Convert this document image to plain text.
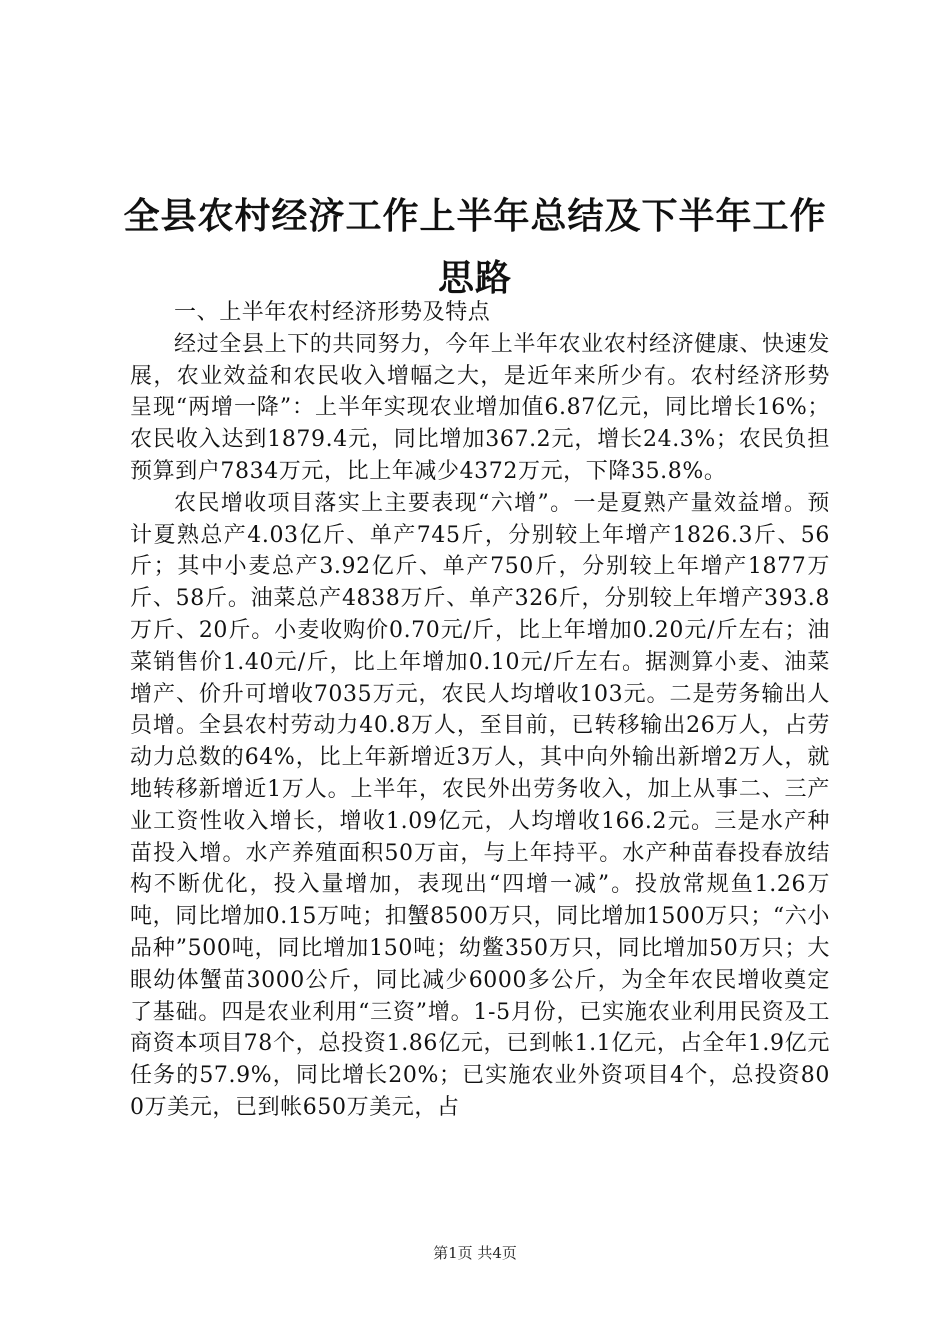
全县农村经济工作上半年总结及下半年工作思路

一、上半年农村经济形势及特点

经过全县上下的共同努力，今年上半年农业农村经济健康、快速发展，农业效益和农民收入增幅之大，是近年来所少有。农村经济形势呈现“两增一降”：上半年实现农业增加值6.87亿元，同比增长16%；农民收入达到1879.4元，同比增加367.2元，增长24.3%；农民负担预算到户7834万元，比上年减少4372万元，下降35.8%。

农民增收项目落实上主要表现“六增”。一是夏熟产量效益增。预计夏熟总产4.03亿斤、单产745斤，分别较上年增产1826.3斤、56斤；其中小麦总产3.92亿斤、单产750斤，分别较上年增产1877万斤、58斤。油菜总产4838万斤、单产326斤，分别较上年增产393.8万斤、20斤。小麦收购价0.70元/斤，比上年增加0.20元/斤左右；油菜销售价1.40元/斤，比上年增加0.10元/斤左右。据测算小麦、油菜增产、价升可增收7035万元，农民人均增收103元。二是劳务输出人员增。全县农村劳动力40.8万人，至目前，已转移输出26万人，占劳动力总数的64%，比上年新增近3万人，其中向外输出新增2万人，就地转移新增近1万人。上半年，农民外出劳务收入，加上从事二、三产业工资性收入增长，增收1.09亿元，人均增收166.2元。三是水产种苗投入增。水产养殖面积50万亩，与上年持平。水产种苗春投春放结构不断优化，投入量增加，表现出“四增一减”。投放常规鱼1.26万吨，同比增加0.15万吨；扣蟹8500万只，同比增加1500万只；“六小品种”500吨，同比增加150吨；幼鳖350万只，同比增加50万只；大眼幼体蟹苗3000公斤，同比减少6000多公斤，为全年农民增收奠定了基础。四是农业利用“三资”增。1-5月份，已实施农业利用民资及工商资本项目78个，总投资1.86亿元，已到帐1.1亿元，占全年1.9亿元任务的57.9%，同比增长20%；已实施农业外资项目4个，总投资800万美元，已到帐650万美元，占

第1页 共4页
